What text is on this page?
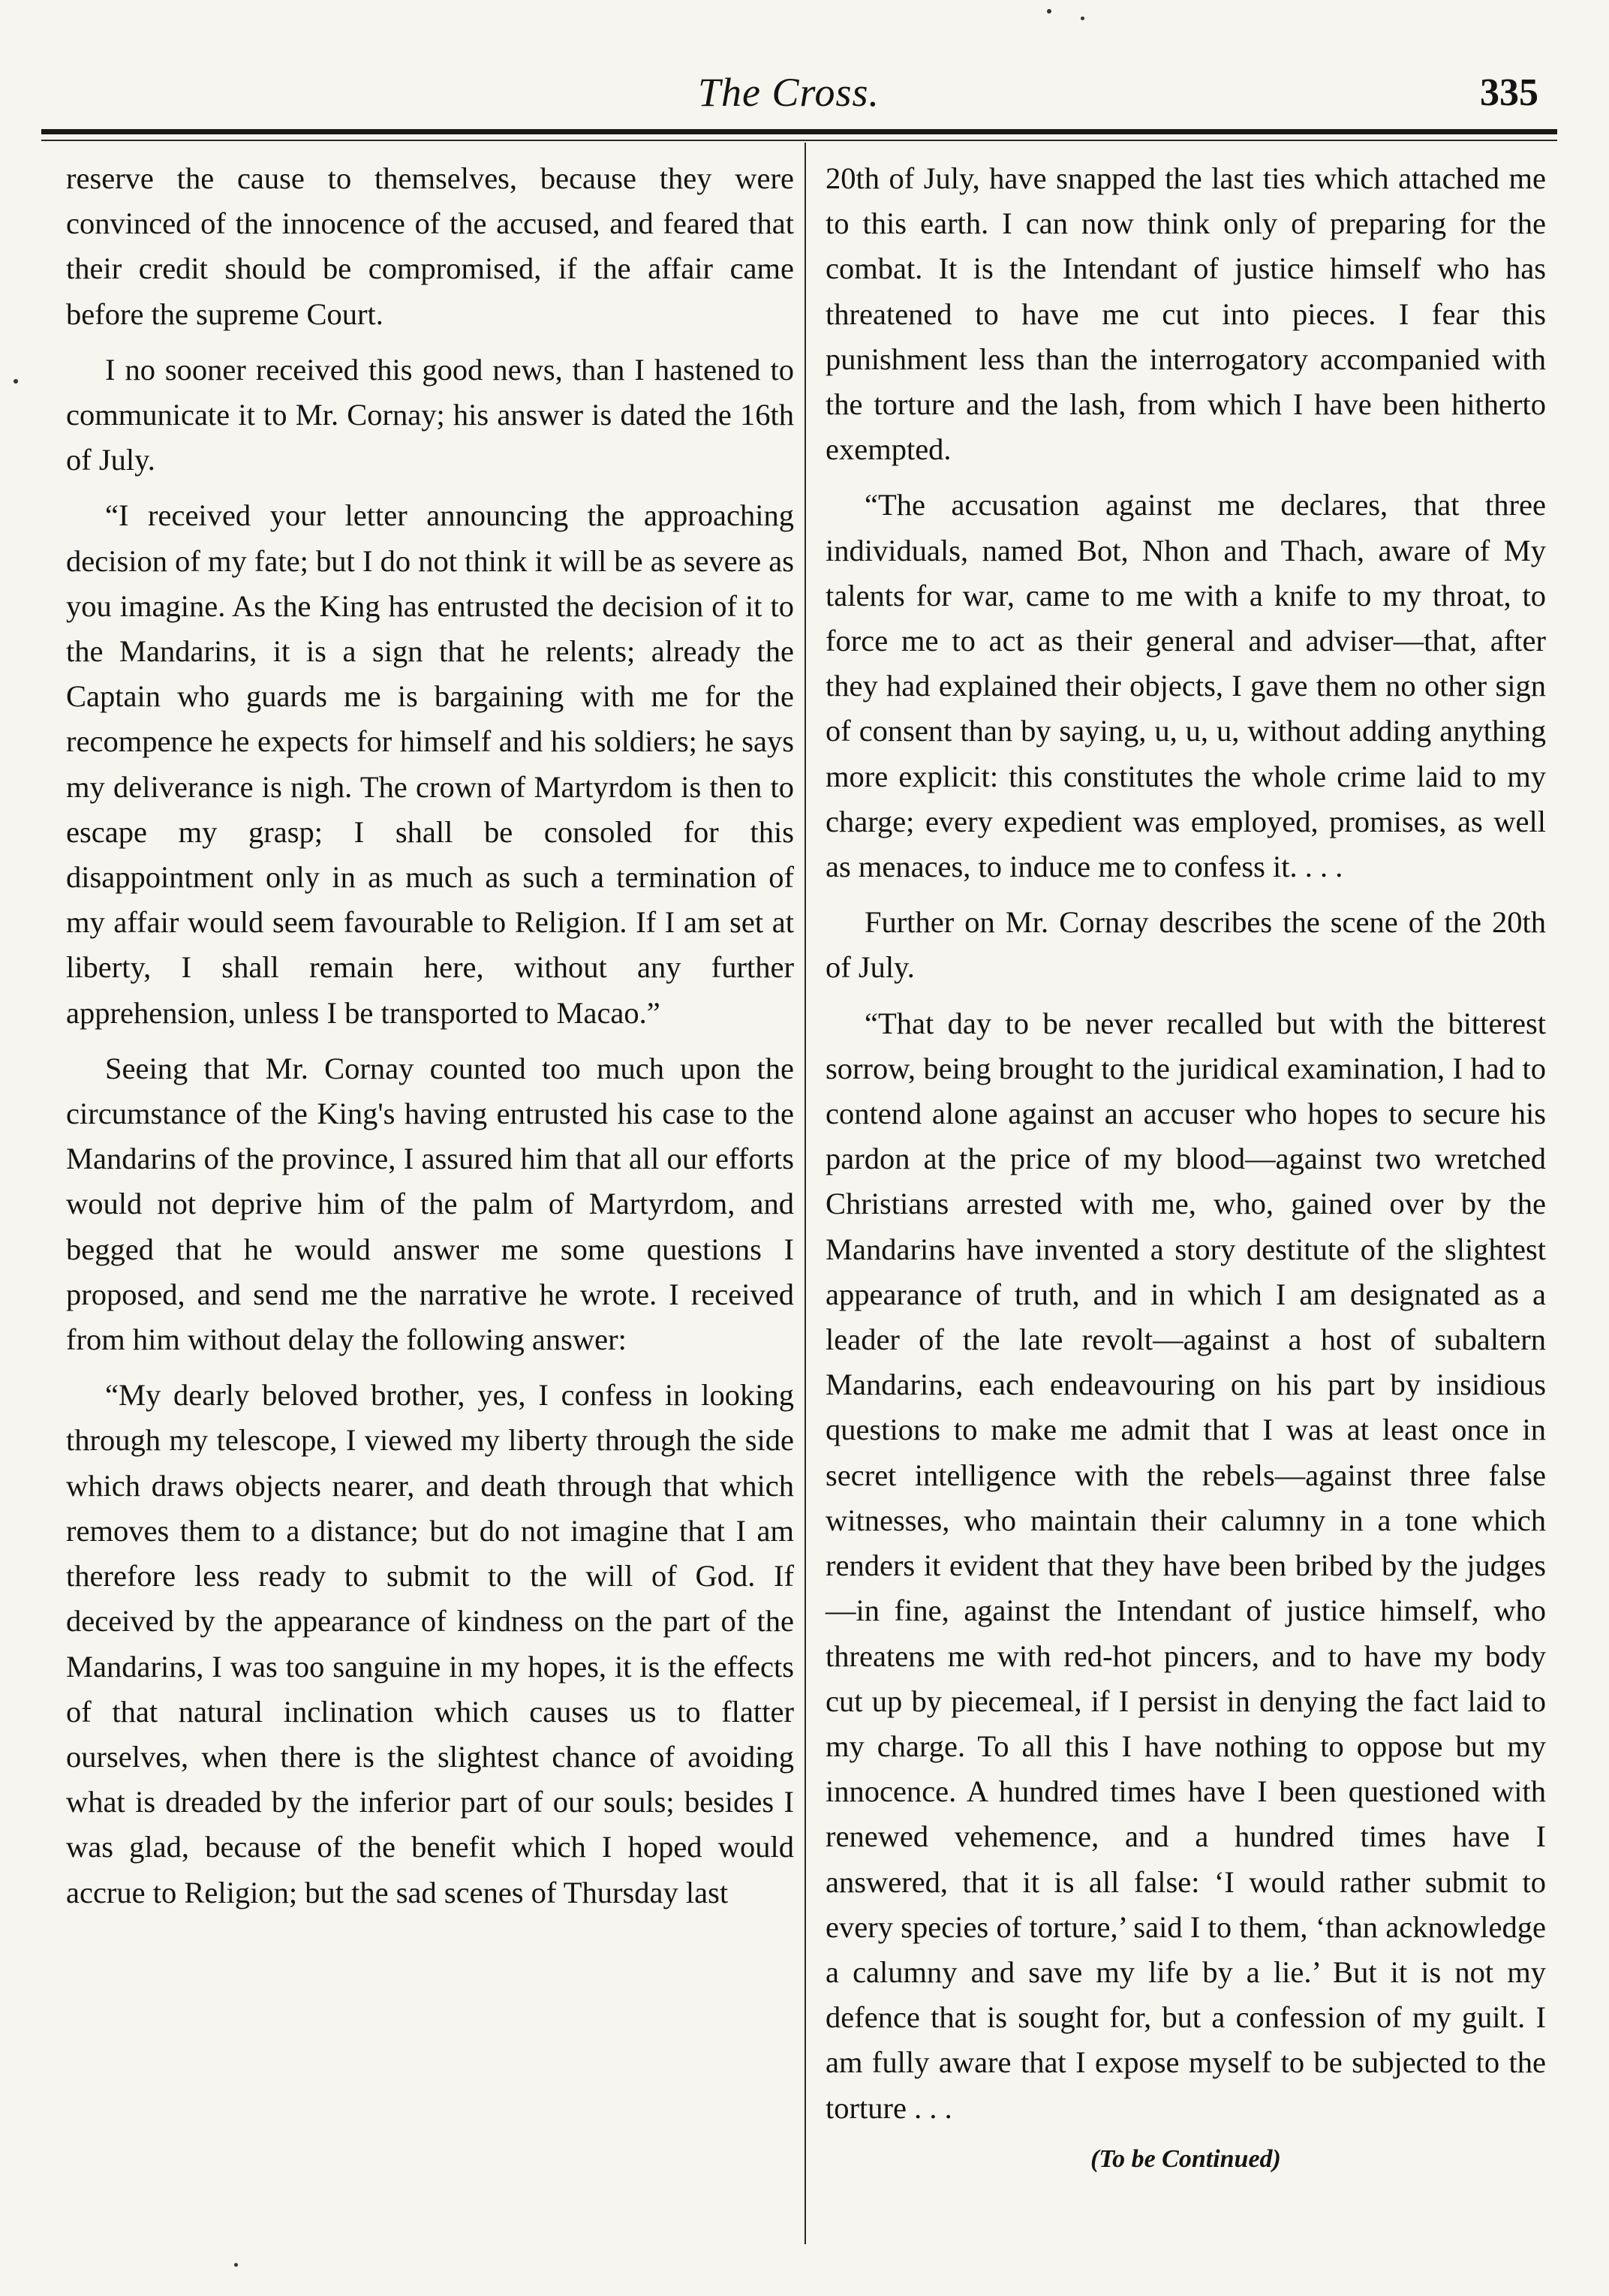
The Cross.	335

reserve the cause to themselves, because they were convinced of the innocence of the accused, and feared that their credit should be compromised, if the affair came before the supreme Court.

I no sooner received this good news, than I hastened to communicate it to Mr. Cornay; his answer is dated the 16th of July.

“I received your letter announcing the approaching decision of my fate; but I do not think it will be as severe as you imagine. As the King has entrusted the decision of it to the Mandarins, it is a sign that he relents; already the Captain who guards me is bargaining with me for the recompence he expects for himself and his soldiers; he says my deliverance is nigh. The crown of Martyrdom is then to escape my grasp; I shall be consoled for this disappointment only in as much as such a termination of my affair would seem favourable to Religion. If I am set at liberty, I shall remain here, without any further apprehension, unless I be transported to Macao.”

Seeing that Mr. Cornay counted too much upon the circumstance of the King's having entrusted his case to the Mandarins of the province, I assured him that all our efforts would not deprive him of the palm of Martyrdom, and begged that he would answer me some questions I proposed, and send me the narrative he wrote. I received from him without delay the following answer:

“My dearly beloved brother, yes, I confess in looking through my telescope, I viewed my liberty through the side which draws objects nearer, and death through that which removes them to a distance; but do not imagine that I am therefore less ready to submit to the will of God. If deceived by the appearance of kindness on the part of the Mandarins, I was too sanguine in my hopes, it is the effects of that natural inclination which causes us to flatter ourselves, when there is the slightest chance of avoiding what is dreaded by the inferior part of our souls; besides I was glad, because of the benefit which I hoped would accrue to Religion; but the sad scenes of Thursday last

20th of July, have snapped the last ties which attached me to this earth. I can now think only of preparing for the combat. It is the Intendant of justice himself who has threatened to have me cut into pieces. I fear this punishment less than the interrogatory accompanied with the torture and the lash, from which I have been hitherto exempted.

“The accusation against me declares, that three individuals, named Bot, Nhon and Thach, aware of My talents for war, came to me with a knife to my throat, to force me to act as their general and adviser—that, after they had explained their objects, I gave them no other sign of consent than by saying, u, u, u, without adding anything more explicit: this constitutes the whole crime laid to my charge; every expedient was employed, promises, as well as menaces, to induce me to confess it. . . .

Further on Mr. Cornay describes the scene of the 20th of July.

“That day to be never recalled but with the bitterest sorrow, being brought to the juridical examination, I had to contend alone against an accuser who hopes to secure his pardon at the price of my blood—against two wretched Christians arrested with me, who, gained over by the Mandarins have invented a story destitute of the slightest appearance of truth, and in which I am designated as a leader of the late revolt—against a host of subaltern Mandarins, each endeavouring on his part by insidious questions to make me admit that I was at least once in secret intelligence with the rebels—against three false witnesses, who maintain their calumny in a tone which renders it evident that they have been bribed by the judges—in fine, against the Intendant of justice himself, who threatens me with red-hot pincers, and to have my body cut up by piecemeal, if I persist in denying the fact laid to my charge. To all this I have nothing to oppose but my innocence. A hundred times have I been questioned with renewed vehemence, and a hundred times have I answered, that it is all false: ‘I would rather submit to every species of torture,’ said I to them, ‘than acknowledge a calumny and save my life by a lie.’ But it is not my defence that is sought for, but a confession of my guilt. I am fully aware that I expose myself to be subjected to the torture . . .

(To be Continued)
